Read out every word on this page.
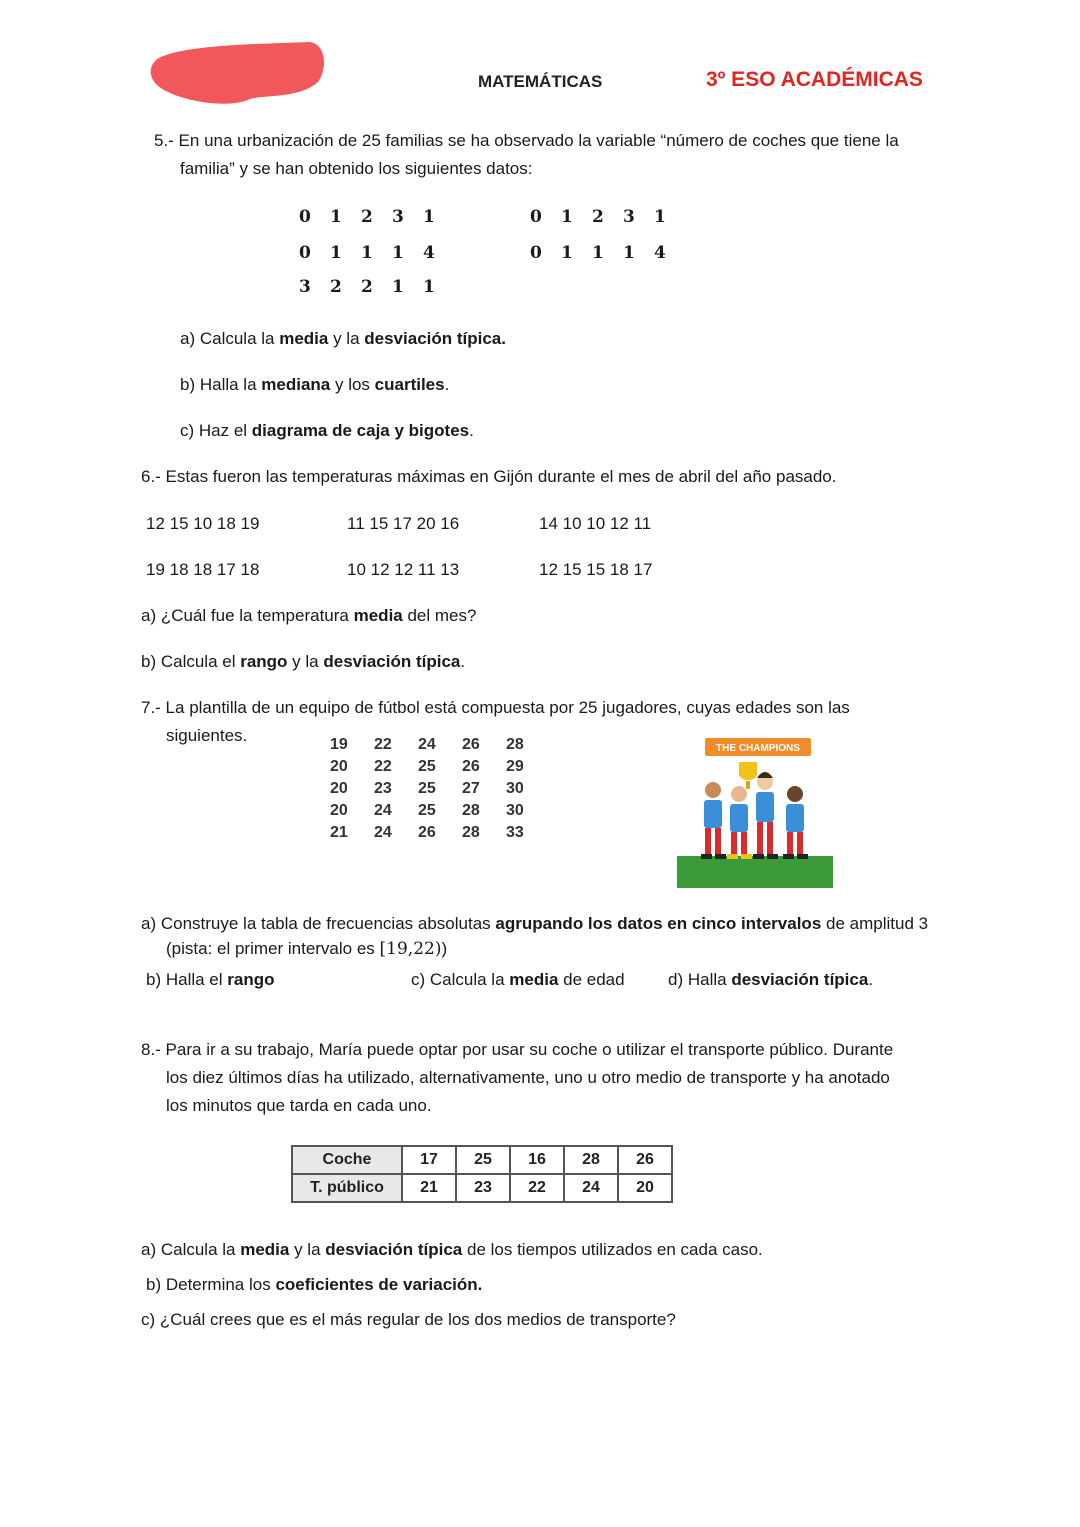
MATEMÁTICAS	3º ESO ACADÉMICAS
5.- En una urbanización de 25 familias se ha observado la variable “número de coches que tiene la
familia” y se han obtenido los siguientes datos:
0	1	2	3	1
0	1	1	1	4
3	2	2	1	1
0	1	2	3	1
0	1	1	1	4
a) Calcula la media y la desviación típica.
b) Halla la mediana y los cuartiles.
c) Haz el diagrama de caja y bigotes.
6.- Estas fueron las temperaturas máximas en Gijón durante el mes de abril del año pasado.
12 15 10 18 19	11 15 17 20 16	14 10 10 12 11
19 18 18 17 18	10 12 12 11 13	12 15 15 18 17
a) ¿Cuál fue la temperatura media del mes?
b) Calcula el rango y la desviación típica.
7.- La plantilla de un equipo de fútbol está compuesta por 25 jugadores, cuyas edades son las
siguientes.	19	22	24	26	28
20	22	25	26	29
20	23	25	27	30
20	24	25	28	30
21	24	26	28	33
THE CHAMPIONS
a) Construye la tabla de frecuencias absolutas agrupando los datos en cinco intervalos de amplitud 3
(pista: el primer intervalo es [19,22))
b) Halla el rango	c) Calcula la media de edad	d) Halla desviación típica.
8.- Para ir a su trabajo, María puede optar por usar su coche o utilizar el transporte público. Durante
los diez últimos días ha utilizado, alternativamente, uno u otro medio de transporte y ha anotado
los minutos que tarda en cada uno.
Coche	17	25	16	28	26
T. público	21	23	22	24	20
a) Calcula la media y la desviación típica de los tiempos utilizados en cada caso.
b) Determina los coeficientes de variación.
c) ¿Cuál crees que es el más regular de los dos medios de transporte?
